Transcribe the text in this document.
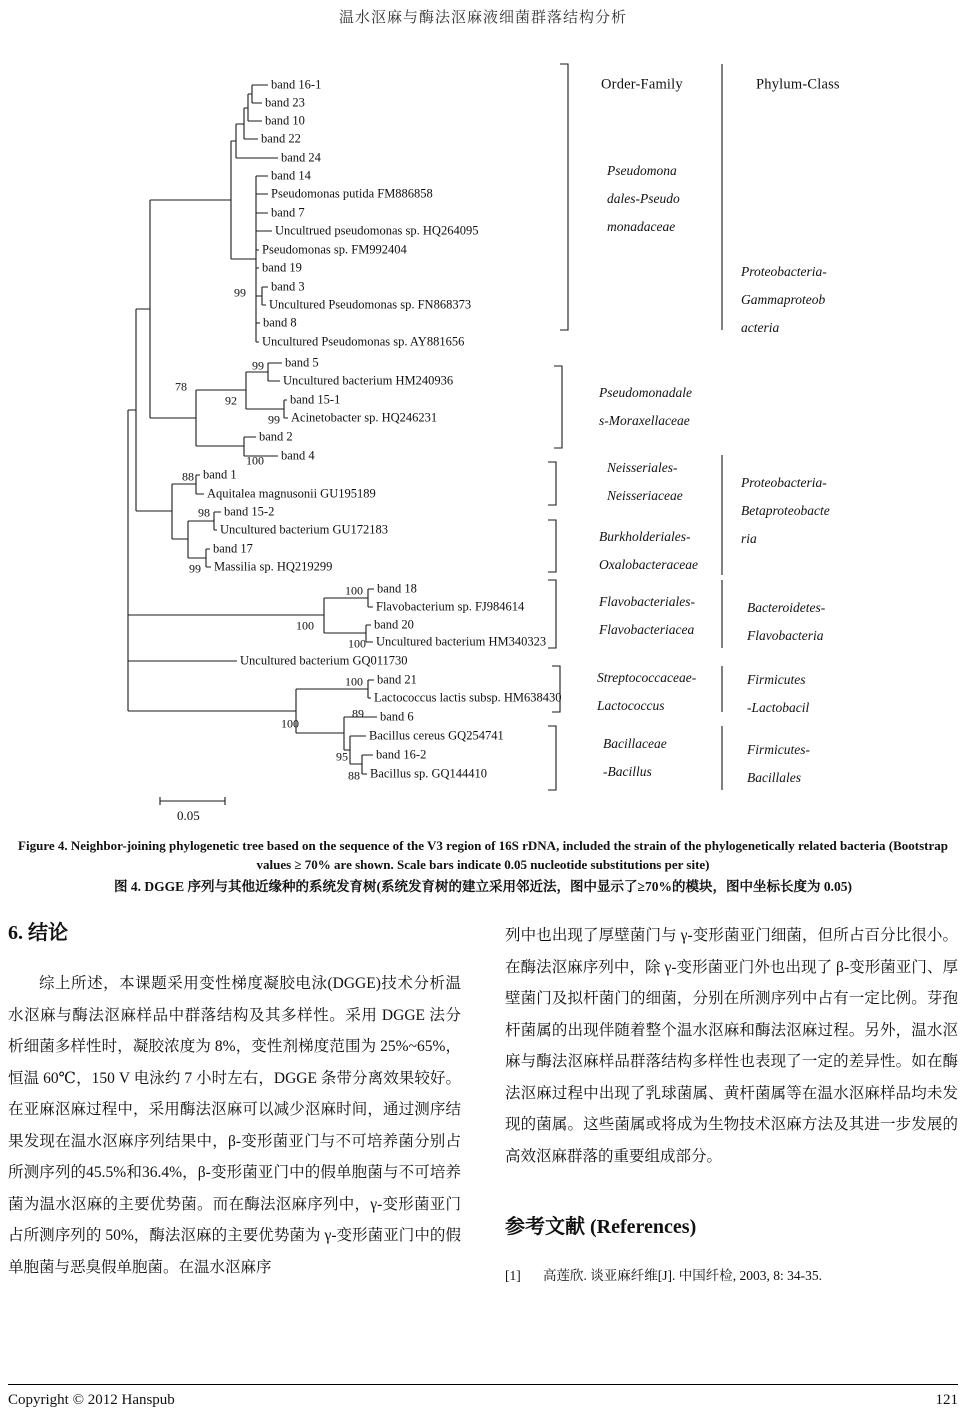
温水沤麻与酶法沤麻液细菌群落结构分析
band 16-1
band 23
band 10
band 22
band 24
band 14
Pseudomonas putida FM886858
band 7
Uncultrued pseudomonas sp. HQ264095
Pseudomonas sp. FM992404
band 19
band 3
Uncultured Pseudomonas sp. FN868373
band 8
Uncultured Pseudomonas sp. AY881656
band 5
Uncultured bacterium HM240936
band 15-1
Acinetobacter sp. HQ246231
band 2
band 4
band 1
Aquitalea magnusonii GU195189
band 15-2
Uncultured bacterium GU172183
band 17
Massilia sp. HQ219299
band 18
Flavobacterium sp. FJ984614
band 20
Uncultured bacterium HM340323
Uncultured bacterium GQ011730
band 21
Lactococcus lactis subsp. HM638430
band 6
Bacillus cereus GQ254741
band 16-2
Bacillus sp. GQ144410
99
78
99
92
99
100
88
98
99
100
100
100
100
100
89
95
88
Order-Family	Phylum-Class
0.05
Pseudomona
dales-Pseudo
monadaceae
Proteobacteria-
Gammaproteob
acteria
Pseudomonadale
s-Moraxellaceae
Neisseriales-
Neisseriaceae
Proteobacteria-
Betaproteobacte
ria
Burkholderiales-
Oxalobacteraceae
Flavobacteriales-
Flavobacteriacea
Bacteroidetes-
Flavobacteria
Streptococcaceae-
Lactococcus
Firmicutes
-Lactobacil
Bacillaceae
-Bacillus
Firmicutes-
Bacillales
Figure 4. Neighbor-joining phylogenetic tree based on the sequence of the V3 region of 16S rDNA, included the strain of the phylogenetically related bacteria (Bootstrap values ≥ 70% are shown. Scale bars indicate 0.05 nucleotide substitutions per site)
图 4. DGGE 序列与其他近缘种的系统发育树(系统发育树的建立采用邻近法，图中显示了≥70%的模块，图中坐标长度为 0.05)
6. 结论

综上所述，本课题采用变性梯度凝胶电泳(DGGE)技术分析温水沤麻与酶法沤麻样品中群落结构及其多样性。采用 DGGE 法分析细菌多样性时，凝胶浓度为 8%，变性剂梯度范围为 25%~65%，恒温 60℃，150 V 电泳约 7 小时左右，DGGE 条带分离效果较好。在亚麻沤麻过程中，采用酶法沤麻可以减少沤麻时间，通过测序结果发现在温水沤麻序列结果中，β-变形菌亚门与不可培养菌分别占所测序列的45.5%和36.4%，β-变形菌亚门中的假单胞菌与不可培养菌为温水沤麻的主要优势菌。而在酶法沤麻序列中，γ-变形菌亚门占所测序列的 50%，酶法沤麻的主要优势菌为 γ-变形菌亚门中的假单胞菌与恶臭假单胞菌。在温水沤麻序

列中也出现了厚壁菌门与 γ-变形菌亚门细菌，但所占百分比很小。在酶法沤麻序列中，除 γ-变形菌亚门外也出现了 β-变形菌亚门、厚壁菌门及拟杆菌门的细菌，分别在所测序列中占有一定比例。芽孢杆菌属的出现伴随着整个温水沤麻和酶法沤麻过程。另外，温水沤麻与酶法沤麻样品群落结构多样性也表现了一定的差异性。如在酶法沤麻过程中出现了乳球菌属、黄杆菌属等在温水沤麻样品均未发现的菌属。这些菌属或将成为生物技术沤麻方法及其进一步发展的高效沤麻群落的重要组成部分。

参考文献 (References)
[1]	高莲欣. 谈亚麻纤维[J]. 中国纤检, 2003, 8: 34-35.
Copyright © 2012 Hanspub	121
